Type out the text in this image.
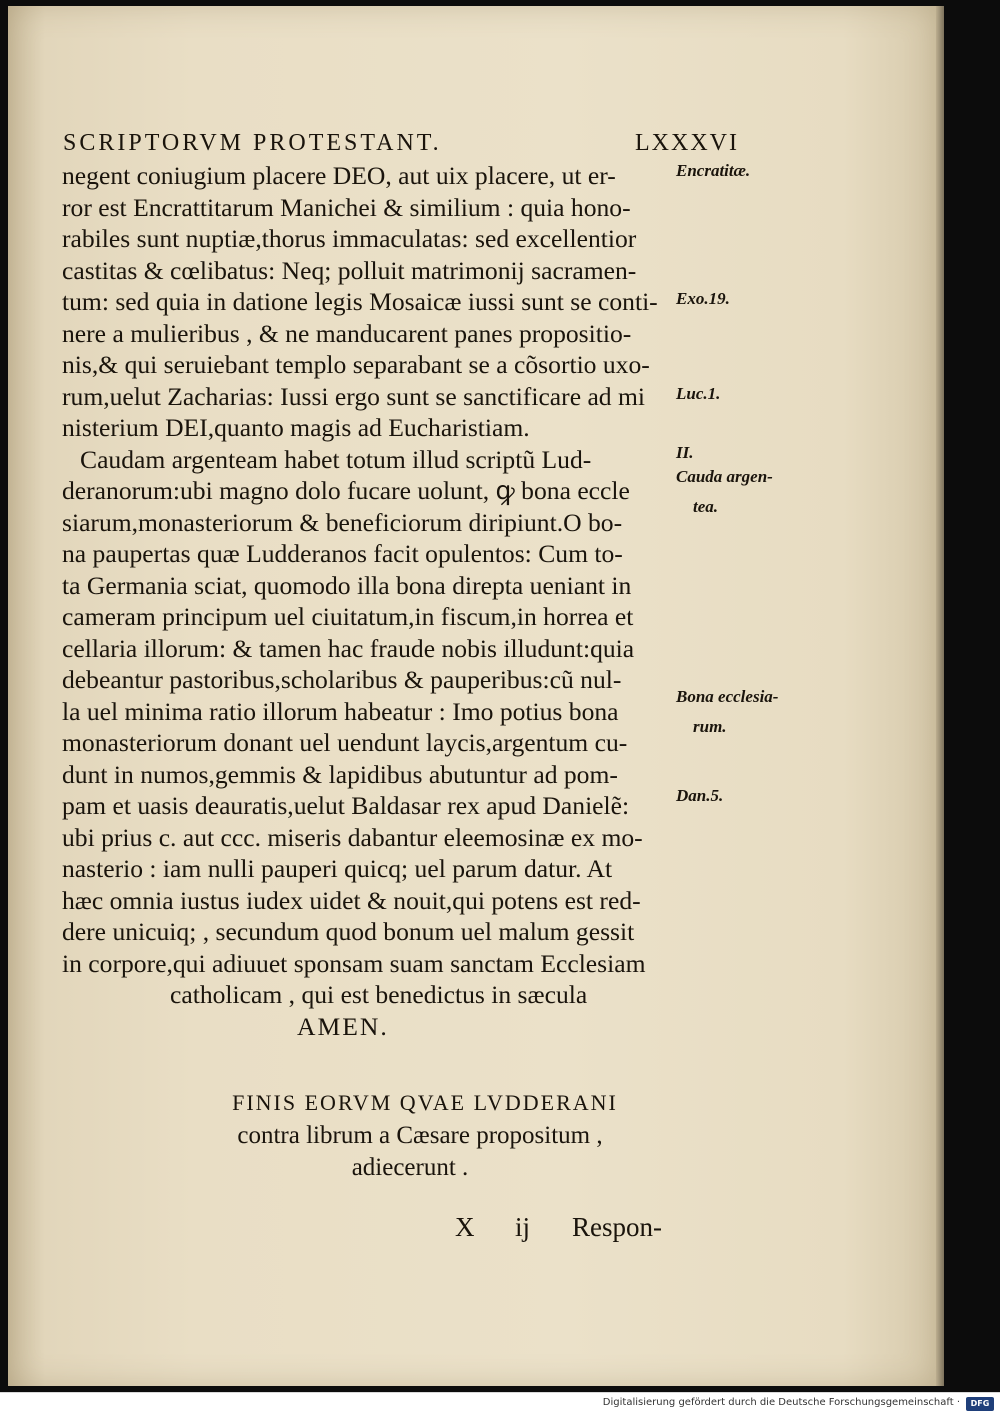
SCRIPTORVM PROTESTANT.	LXXXVI
negent coniugium placere DEO, aut uix placere, ut er-
ror est Encrattitarum Manichei & similium : quia hono-
rabiles sunt nuptiæ,thorus immaculatas: sed excellentior
castitas & cœlibatus: Neq; polluit matrimonij sacramen-
tum: sed quia in datione legis Mosaicæ iussi sunt se conti-
nere a mulieribus , & ne manducarent panes propositio-
nis,& qui seruiebant templo separabant se a cõsortio uxo-
rum,uelut Zacharias: Iussi ergo sunt se sanctificare ad mi
nisterium DEI,quanto magis ad Eucharistiam.
Caudam argenteam habet totum illud scriptũ Lud-
deranorum:ubi magno dolo fucare uolunt, ꝙ bona eccle
siarum,monasteriorum & beneficiorum diripiunt.O bo-
na paupertas quæ Ludderanos facit opulentos: Cum to-
ta Germania sciat, quomodo illa bona direpta ueniant in
cameram principum uel ciuitatum,in fiscum,in horrea et
cellaria illorum: & tamen hac fraude nobis illudunt:quia
debeantur pastoribus,scholaribus & pauperibus:cũ nul-
la uel minima ratio illorum habeatur : Imo potius bona
monasteriorum donant uel uendunt laycis,argentum cu-
dunt in numos,gemmis & lapidibus abutuntur ad pom-
pam et uasis deauratis,uelut Baldasar rex apud Danielẽ:
ubi prius c. aut ccc. miseris dabantur eleemosinæ ex mo-
nasterio : iam nulli pauperi quicq; uel parum datur. At
hæc omnia iustus iudex uidet & nouit,qui potens est red-
dere unicuiq; , secundum quod bonum uel malum gessit
in corpore,qui adiuuet sponsam suam sanctam Ecclesiam
catholicam , qui est benedictus in sæcula
AMEN.
Encratitæ.
Exo.19.
Luc.1.
II.
Cauda argen-
tea.
Bona ecclesia-
rum.
Dan.5.
FINIS EORVM QVAE LVDDERANI
contra librum a Cæsare propositum ,
adiecerunt .
X ij Respon-
Digitalisierung gefördert durch die Deutsche Forschungsgemeinschaft ·	DFG
